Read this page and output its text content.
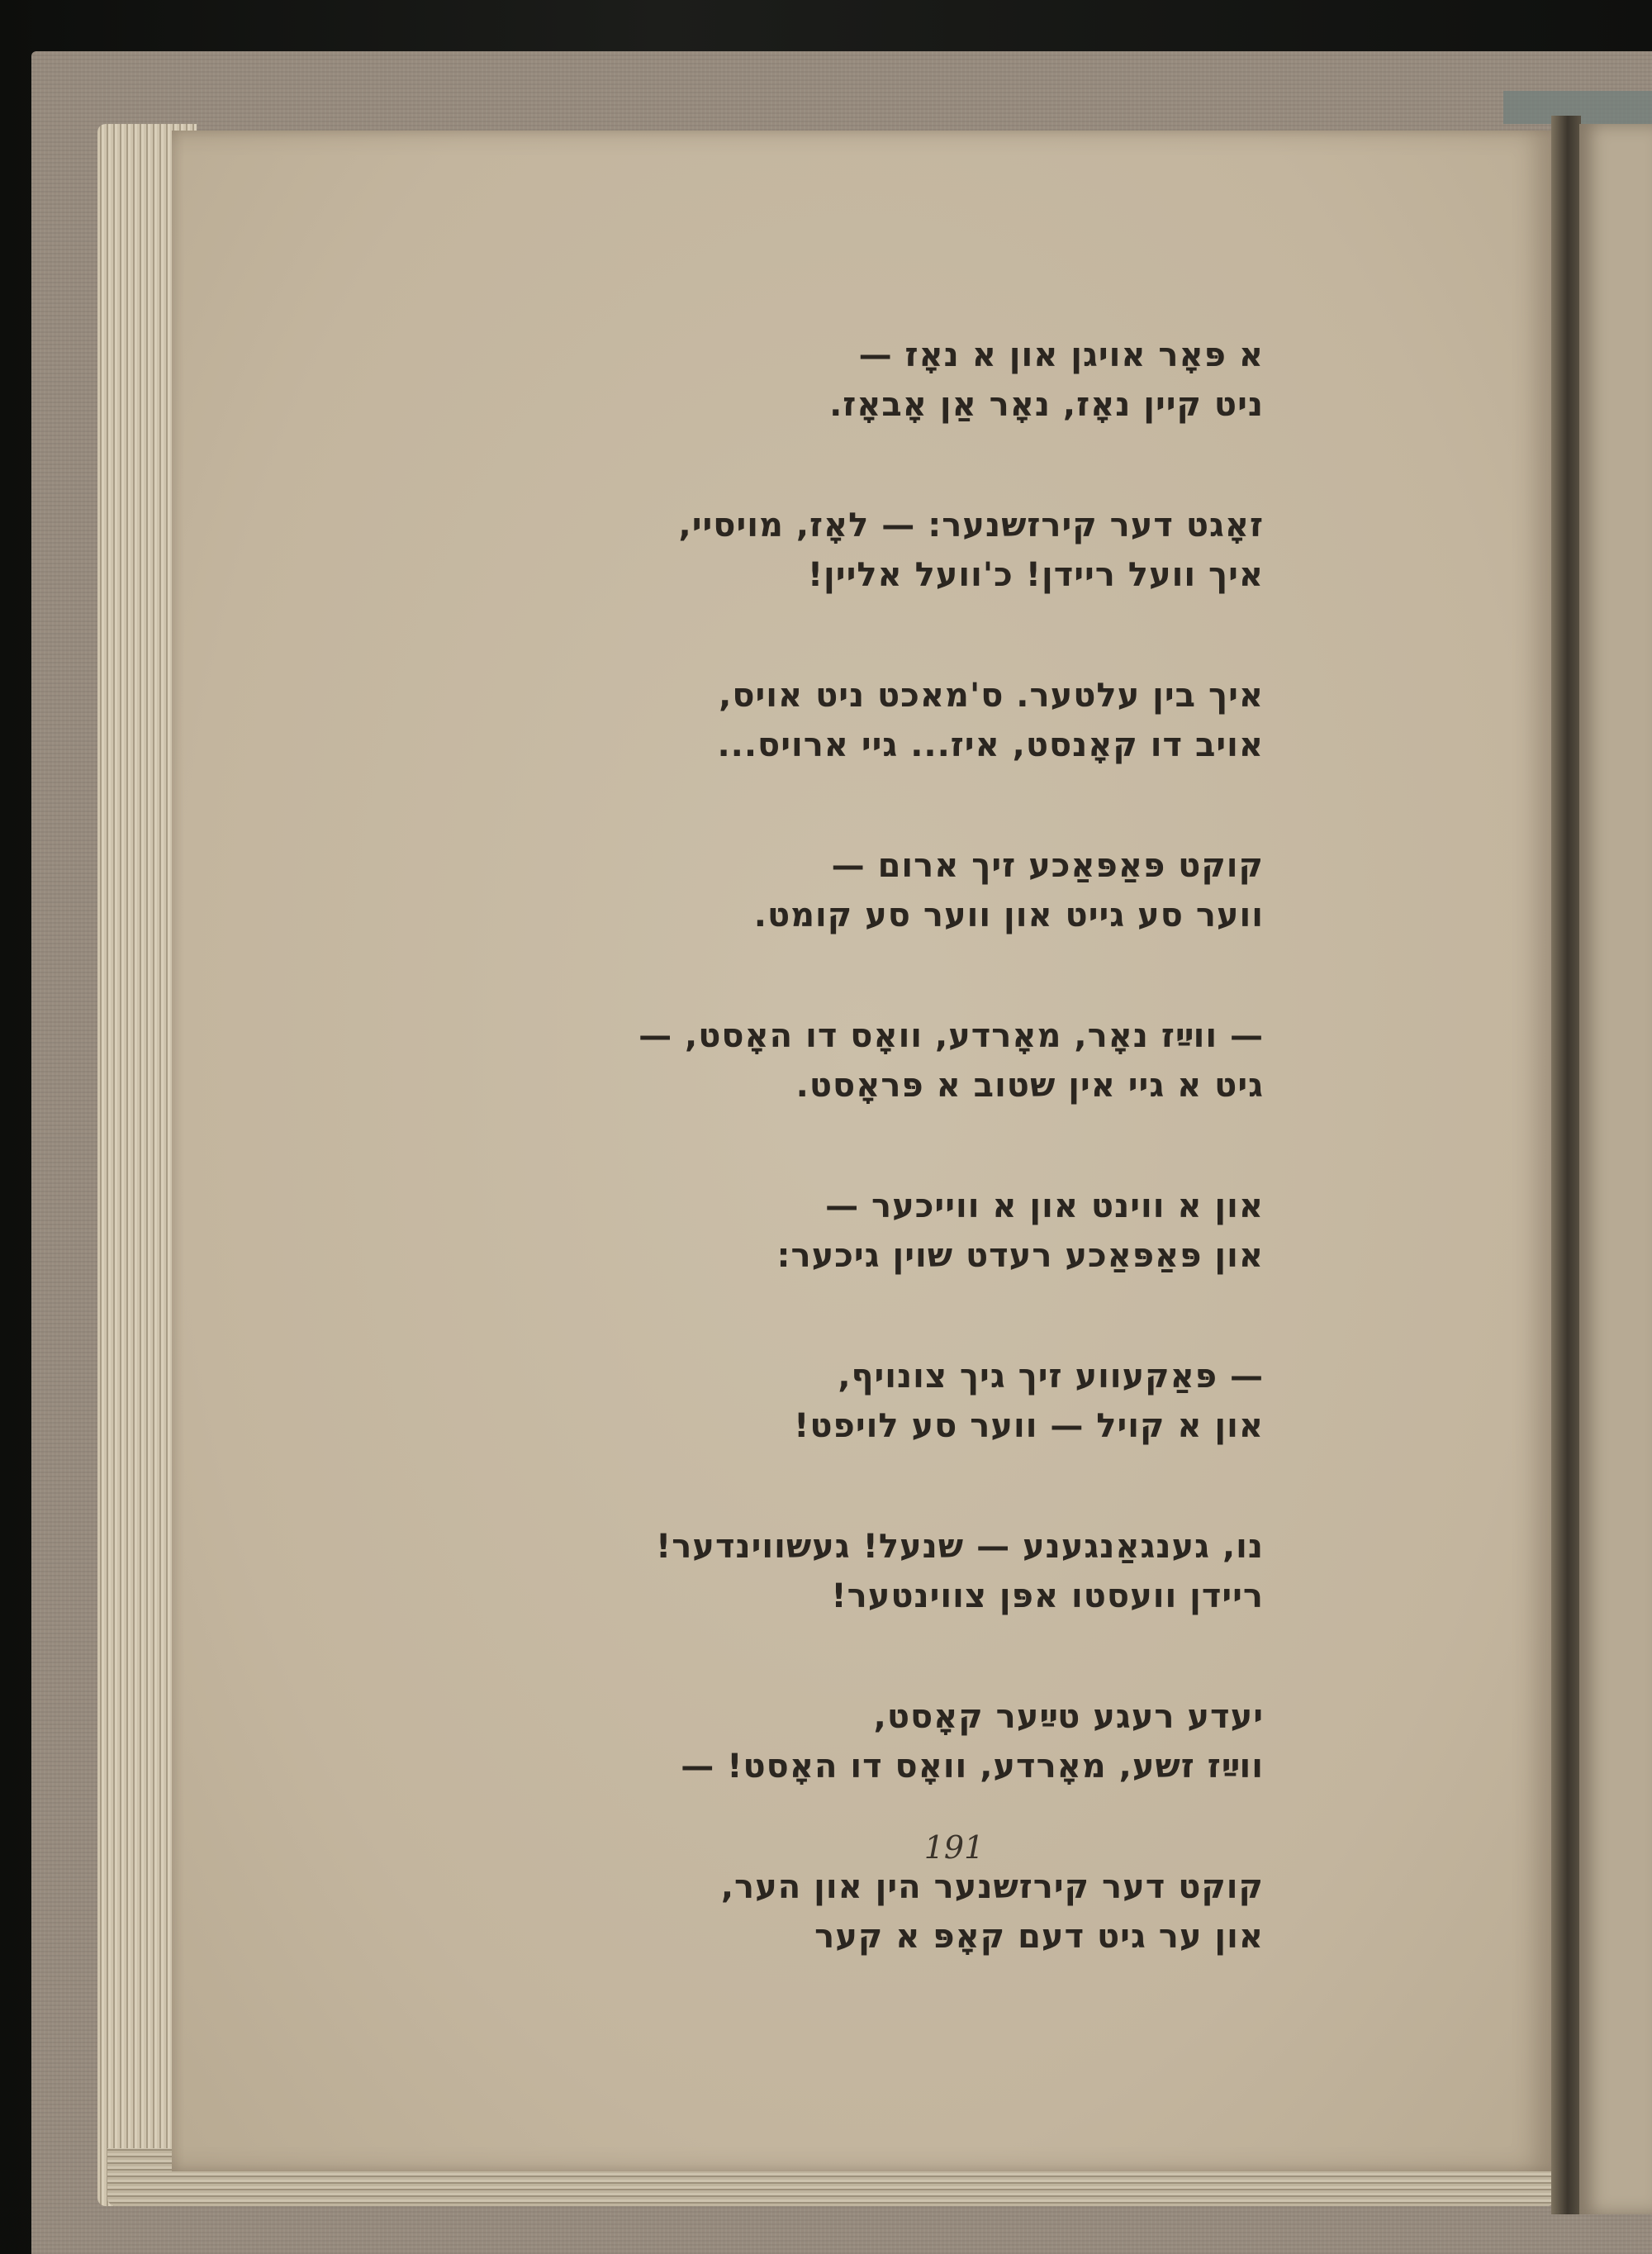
א פּאָר אויגן און א נאָז —
ניט קיין נאָז, נאָר אַן אָבאָז.
זאָגט דער קירזשנער: — לאָז, מויסיי,
איך וועל ריידן! כ'וועל אליין!
איך בין עלטער. ס'מאכט ניט אויס,
אויב דו קאָנסט, איז... גיי ארויס...
קוקט פּאַפּאַכע זיך ארום —
ווער סע גייט און ווער סע קומט.
— ווײַז נאָר, מאָרדע, וואָס דו האָסט, —
גיט א גיי אין שטוב א פּראָסט.
און א ווינט און א ווייכער —
און פּאַפּאַכע רעדט שוין גיכער:
— פּאַקעווע זיך גיך צונויף,
און א קויל — ווער סע לויפט!
נו, גענגאַנגענע — שנעל! געשווינדער!
ריידן וועסטו אפּן צווינטער!
יעדע רעגע טײַער קאָסט,
ווײַז זשע, מאָרדע, וואָס דו האָסט! —
קוקט דער קירזשנער הין און הער,
און ער גיט דעם קאָפּ א קער
191
